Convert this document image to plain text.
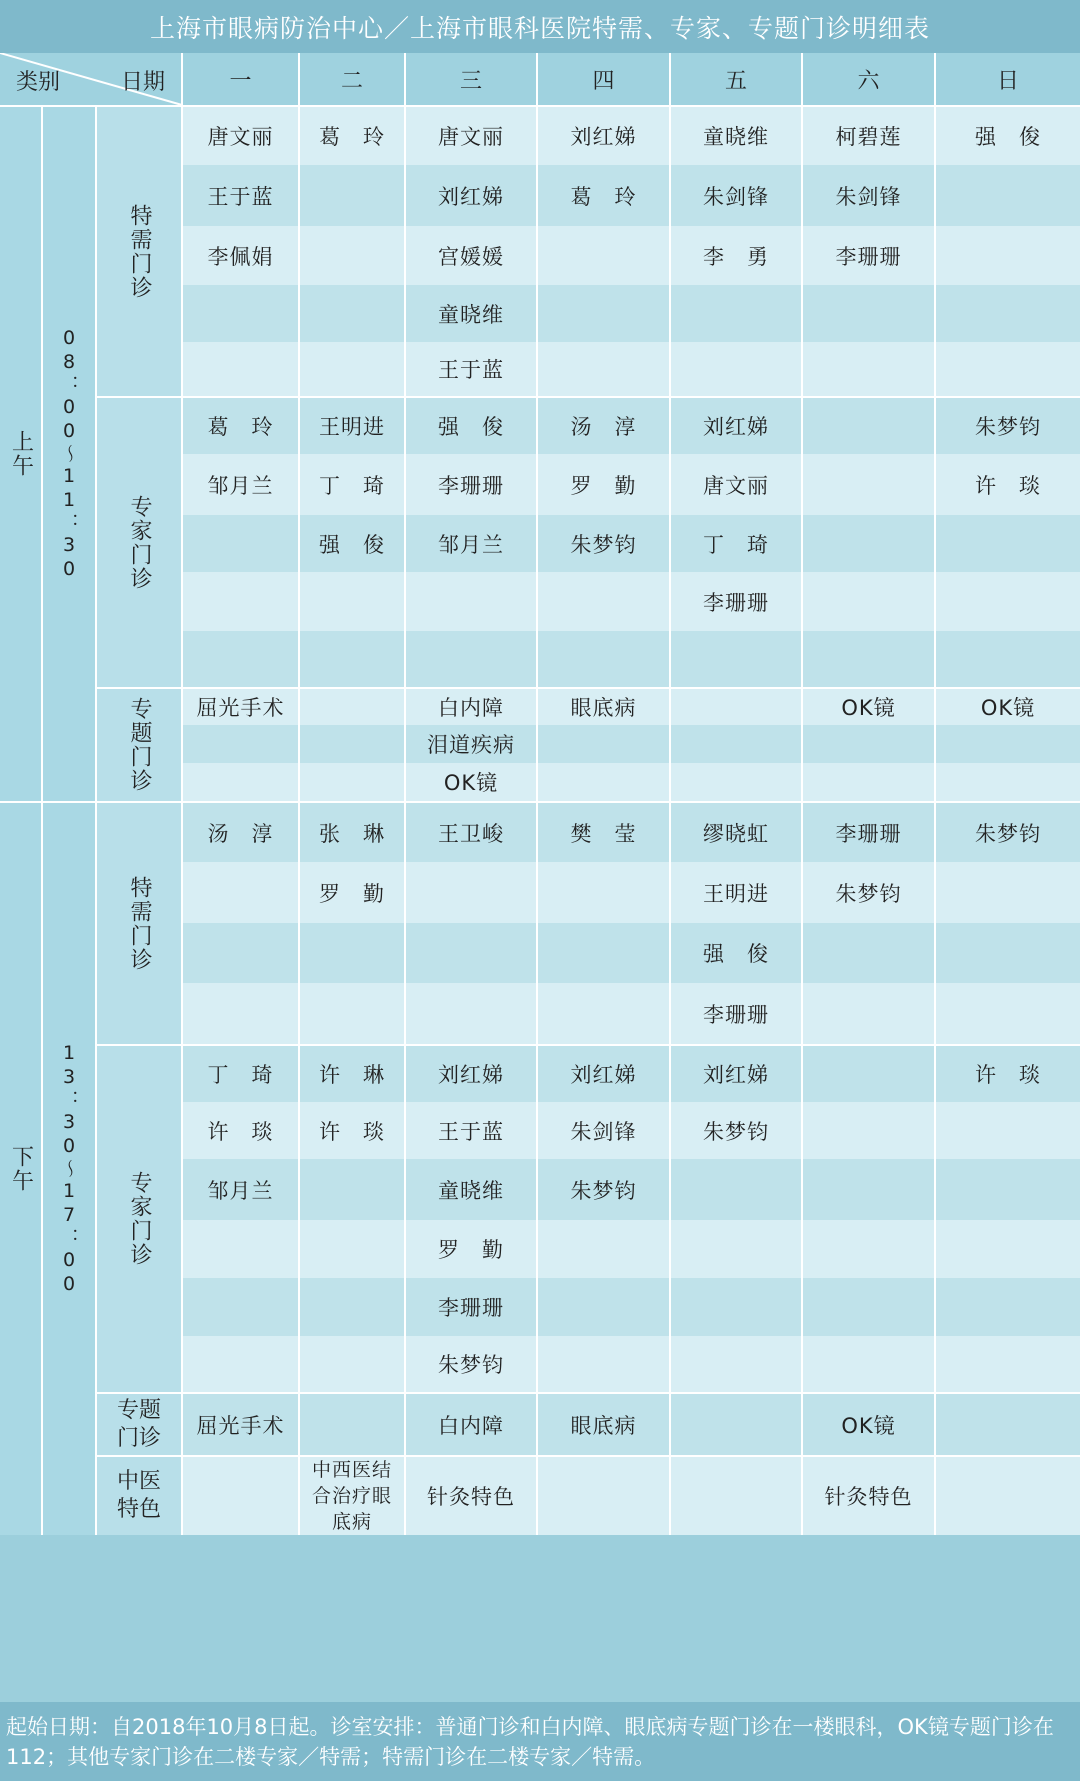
上海市眼病防治中心／上海市眼科医院特需、专家、专题门诊明细表
类别 日期			一	二	三	四	五	六	日
上午	08：00～11：30	特需门诊	唐文丽	葛　玲	唐文丽	刘红娣	童晓维	柯碧莲	强　俊
			王于蓝		刘红娣	葛　玲	朱剑锋	朱剑锋	
			李佩娟		宫媛媛		李　勇	李珊珊	
					童晓维				
					王于蓝				
		专家门诊	葛　玲	王明进	强　俊	汤　淳	刘红娣		朱梦钧
			邹月兰	丁　琦	李珊珊	罗　勤	唐文丽		许　琰
				强　俊	邹月兰	朱梦钧	丁　琦		
							李珊珊		

		专题门诊	屈光手术		白内障	眼底病		OK镜	OK镜
					泪道疾病				
					OK镜				
下午	13：30～17：00	特需门诊	汤　淳	张　琳	王卫峻	樊　莹	缪晓虹	李珊珊	朱梦钧
				罗　勤			王明进	朱梦钧	
							强　俊		
							李珊珊		
		专家门诊	丁　琦	许　琳	刘红娣	刘红娣	刘红娣		许　琰
			许　琰	许　琰	王于蓝	朱剑锋	朱梦钧		
			邹月兰		童晓维	朱梦钧			
					罗　勤				
					李珊珊				
					朱梦钧				
		专题门诊	屈光手术		白内障	眼底病		OK镜	
		中医特色		中西医结合治疗眼底病	针灸特色			针灸特色	
起始日期：自2018年10月8日起。诊室安排：普通门诊和白内障、眼底病专题门诊在一楼眼科，OK镜专题门诊在112；其他专家门诊在二楼专家／特需；特需门诊在二楼专家／特需。
